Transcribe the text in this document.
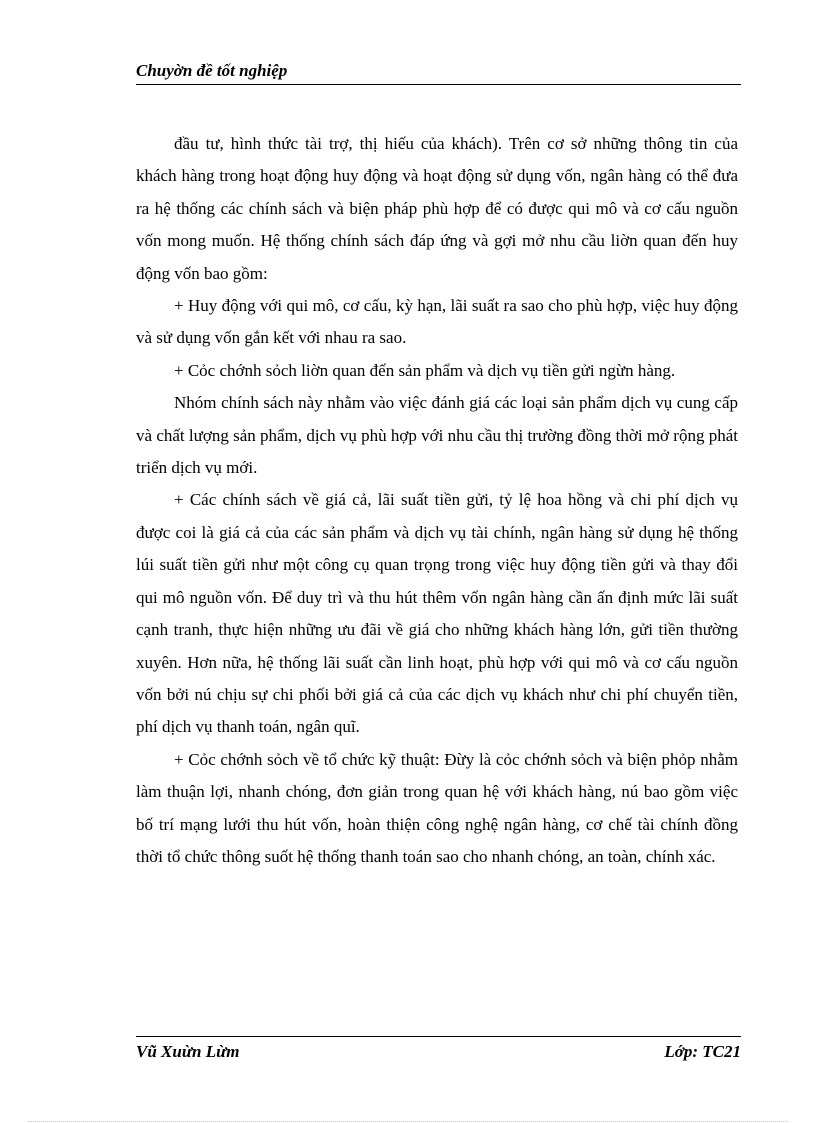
Chuyờn đề tốt nghiệp

đầu tư, hình thức tài trợ, thị hiếu của khách). Trên cơ sở những thông tin của khách hàng trong hoạt động huy động và hoạt động sử dụng vốn, ngân hàng có thể đưa ra hệ thống các chính sách và biện pháp phù hợp để có được qui mô và cơ cấu nguồn vốn mong muốn. Hệ thống chính sách đáp ứng và gợi mở nhu cầu liờn quan đến huy động vốn bao gồm:

+ Huy động với qui mô, cơ cấu, kỳ hạn, lãi suất ra sao cho phù hợp, việc huy động và sử dụng vốn gắn kết với nhau ra sao.

+ Cỏc chớnh sỏch liờn quan đến sản phẩm và dịch vụ tiền gửi ngừn hàng.

Nhóm chính sách này nhằm vào việc đánh giá các loại sản phẩm dịch vụ cung cấp và chất lượng sản phẩm, dịch vụ phù hợp với nhu cầu thị trường đồng thời mở rộng phát triển dịch vụ mới.

+ Các chính sách về giá cả, lãi suất tiền gửi, tỷ lệ hoa hồng và chi phí dịch vụ được coi là giá cả của các sản phẩm và dịch vụ tài chính, ngân hàng sử dụng hệ thống lúi suất tiền gửi như một công cụ quan trọng trong việc huy động tiền gửi và thay đổi qui mô nguồn vốn. Để duy trì và thu hút thêm vốn ngân hàng cần ấn định mức lãi suất cạnh tranh, thực hiện những ưu đãi về giá cho những khách hàng lớn, gửi tiền thường xuyên. Hơn nữa, hệ thống lãi suất cần linh hoạt, phù hợp với qui mô và cơ cấu nguồn vốn bởi nú chịu sự chi phối bởi giá cả của các dịch vụ khách như chi phí chuyển tiền, phí dịch vụ thanh toán, ngân quĩ.

+ Cỏc chớnh sỏch về tổ chức kỹ thuật: Đừy là cỏc chớnh sỏch và biện phỏp nhằm làm thuận lợi, nhanh chóng, đơn giản trong quan hệ với khách hàng, nú bao gồm việc bố trí mạng lưới thu hút vốn, hoàn thiện công nghệ ngân hàng, cơ chế tài chính đồng thời tổ chức thông suốt hệ thống thanh toán sao cho nhanh chóng, an toàn, chính xác.

Vũ Xuừn Lừm	Lớp: TC21
